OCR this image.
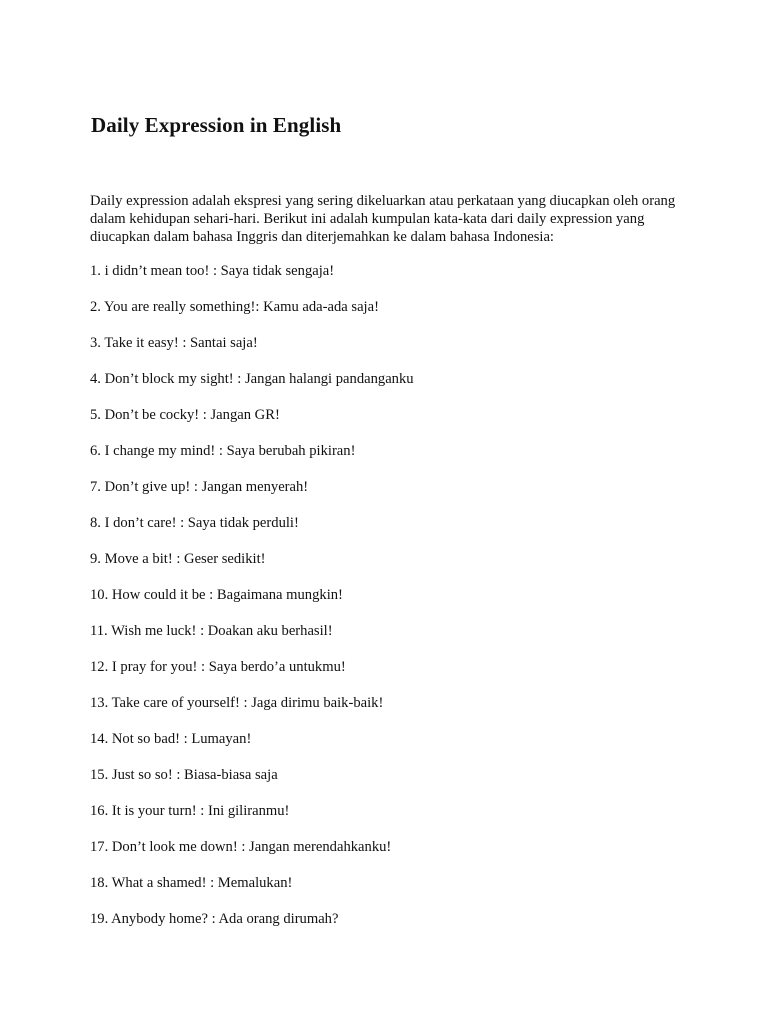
Daily Expression in English

Daily expression adalah ekspresi yang sering dikeluarkan atau perkataan yang diucapkan oleh orang dalam kehidupan sehari-hari. Berikut ini adalah kumpulan kata-kata dari daily expression yang diucapkan dalam bahasa Inggris dan diterjemahkan ke dalam bahasa Indonesia:

1. i didn’t mean too! : Saya tidak sengaja!
2. You are really something!: Kamu ada-ada saja!
3. Take it easy! : Santai saja!
4. Don’t block my sight! : Jangan halangi pandanganku
5. Don’t be cocky! : Jangan GR!
6. I change my mind! : Saya berubah pikiran!
7. Don’t give up! : Jangan menyerah!
8. I don’t care! : Saya tidak perduli!
9. Move a bit! : Geser sedikit!
10. How could it be : Bagaimana mungkin!
11. Wish me luck! : Doakan aku berhasil!
12. I pray for you! : Saya berdo’a untukmu!
13. Take care of yourself! : Jaga dirimu baik-baik!
14. Not so bad! : Lumayan!
15. Just so so! : Biasa-biasa saja
16. It is your turn! : Ini giliranmu!
17. Don’t look me down! : Jangan merendahkanku!
18. What a shamed! : Memalukan!
19. Anybody home? : Ada orang dirumah?
